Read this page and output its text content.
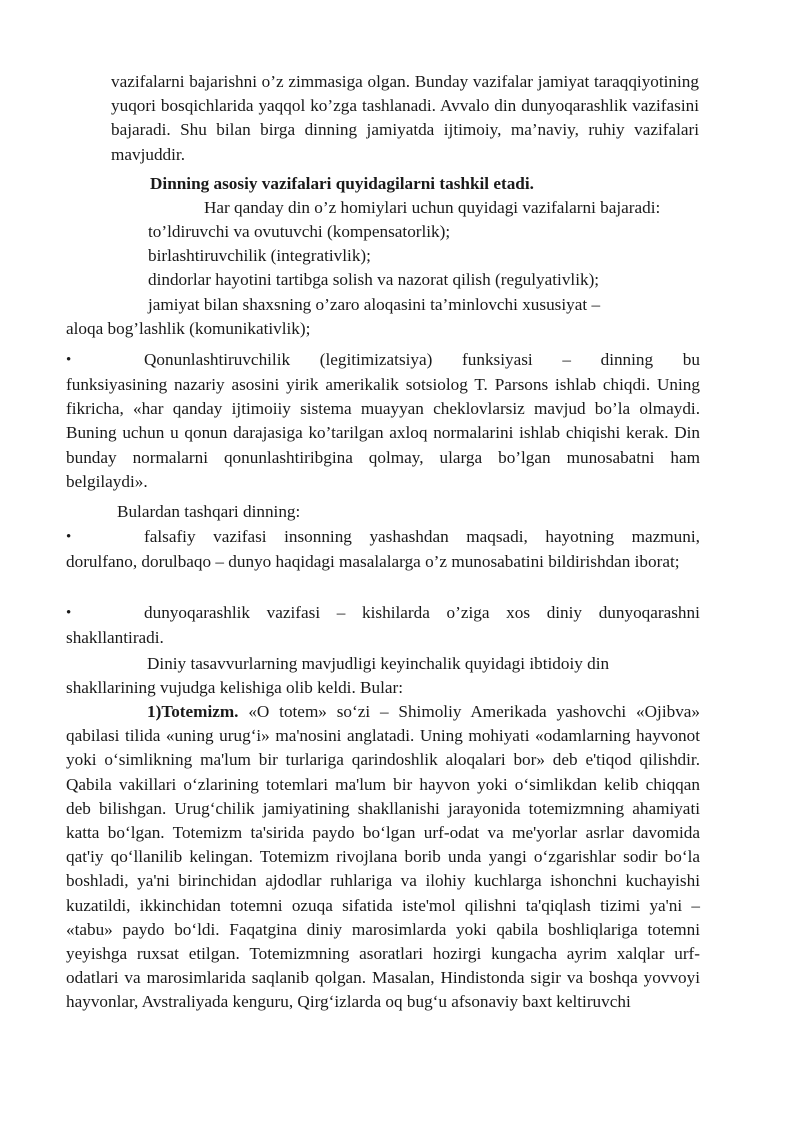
vazifalarni bajarishni o’z zimmasiga olgan. Bunday vazifalar jamiyat taraqqiyotining yuqori bosqichlarida yaqqol ko’zga tashlanadi. Avvalo din dunyoqarashlik vazifasini bajaradi. Shu bilan birga dinning jamiyatda ijtimoiy, ma’naviy, ruhiy vazifalari mavjuddir.

Dinning asosiy vazifalari quyidagilarni tashkil etadi.

Har qanday din o’z homiylari uchun quyidagi vazifalarni bajaradi:

to’ldiruvchi va ovutuvchi (kompensatorlik);

birlashtiruvchilik (integrativlik);

dindorlar hayotini tartibga solish va nazorat qilish (regulyativlik);

jamiyat bilan shaxsning o’zaro aloqasini ta’minlovchi xususiyat –

aloqa bog’lashlik (komunikativlik);

•	Qonunlashtiruvchilik (legitimizatsiya) funksiyasi – dinning bu

funksiyasining nazariy asosini yirik amerikalik sotsiolog T. Parsons ishlab chiqdi. Uning fikricha, «har qanday ijtimoiiy sistema muayyan cheklovlarsiz mavjud bo’la olmaydi. Buning uchun u qonun darajasiga ko’tarilgan axloq normalarini ishlab chiqishi kerak. Din bunday normalarni qonunlashtiribgina qolmay, ularga bo’lgan munosabatni ham belgilaydi».

Bulardan tashqari dinning:

•	falsafiy vazifasi insonning yashashdan maqsadi, hayotning mazmuni,

dorulfano, dorulbaqo – dunyo haqidagi masalalarga o’z munosabatini bildirishdan iborat;

•	dunyoqarashlik vazifasi – kishilarda o’ziga xos diniy dunyoqarashni

shakllantiradi.

Diniy tasavvurlarning mavjudligi keyinchalik quyidagi ibtidoiy din

shakllarining vujudga kelishiga olib keldi. Bular:

1)Totemizm. «O totem» so‘zi – Shimoliy Amerikada yashovchi «Ojibva» qabilasi tilida «uning urug‘i» ma'nosini anglatadi. Uning mohiyati «odamlarning hayvonot yoki o‘simlikning ma'lum bir turlariga qarindoshlik aloqalari bor» deb e'tiqod qilishdir. Qabila vakillari o‘zlarining totemlari ma'lum bir hayvon yoki o‘simlikdan kelib chiqqan deb bilishgan. Urug‘chilik jamiyatining shakllanishi jarayonida totemizmning ahamiyati katta bo‘lgan. Totemizm ta'sirida paydo bo‘lgan urf-odat va me'yorlar asrlar davomida qat'iy qo‘llanilib kelingan. Totemizm rivojlana borib unda yangi o‘zgarishlar sodir bo‘la boshladi, ya'ni birinchidan ajdodlar ruhlariga va ilohiy kuchlarga ishonchni kuchayishi kuzatildi, ikkinchidan totemni ozuqa sifatida iste'mol qilishni ta'qiqlash tizimi ya'ni – «tabu» paydo bo‘ldi. Faqatgina diniy marosimlarda yoki qabila boshliqlariga totemni yeyishga ruxsat etilgan. Totemizmning asoratlari hozirgi kungacha ayrim xalqlar urf-odatlari va marosimlarida saqlanib qolgan. Masalan, Hindistonda sigir va boshqa yovvoyi hayvonlar, Avstraliyada kenguru, Qirg‘izlarda oq bug‘u afsonaviy baxt keltiruvchi
